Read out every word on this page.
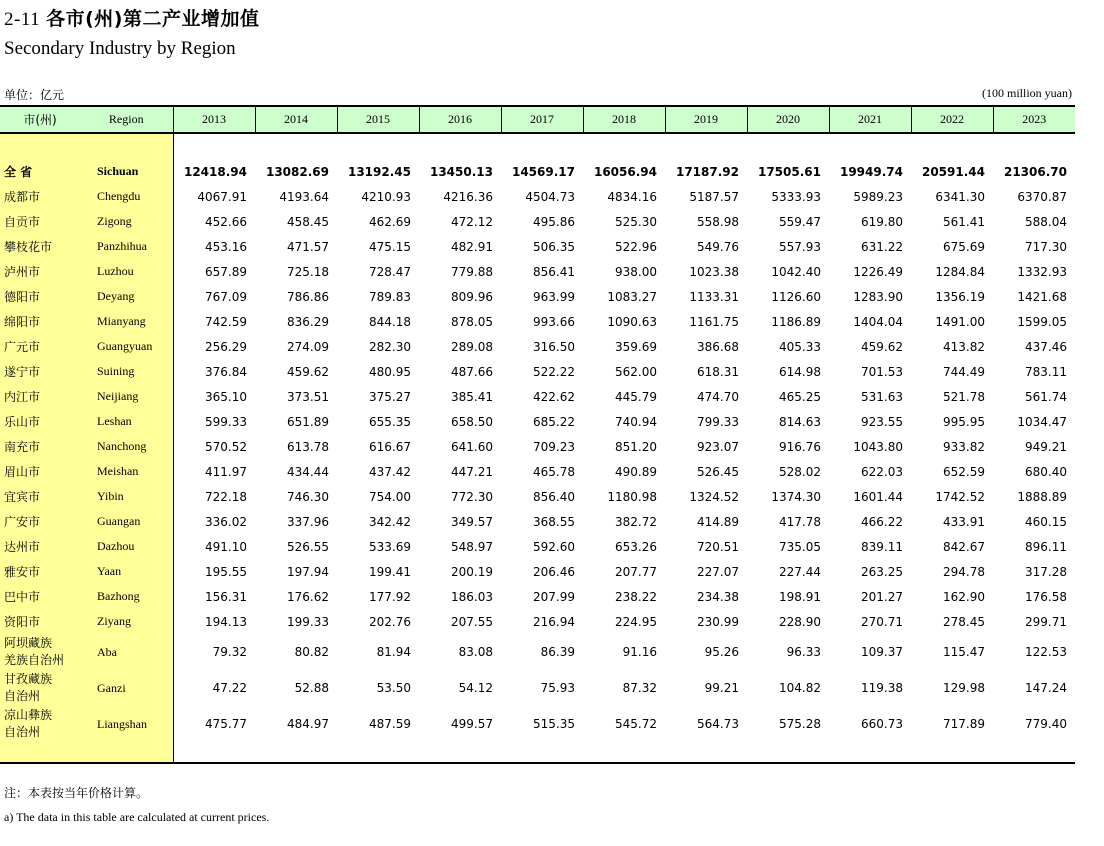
2-11 各市(州)第二产业增加值
Secondary Industry by Region
单位：亿元	(100 million yuan)
市(州)	Region	2013	2014	2015	2016	2017	2018	2019	2020	2021	2022	2023

全 省	Sichuan	12418.94	13082.69	13192.45	13450.13	14569.17	16056.94	17187.92	17505.61	19949.74	20591.44	21306.70
成都市	Chengdu	4067.91	4193.64	4210.93	4216.36	4504.73	4834.16	5187.57	5333.93	5989.23	6341.30	6370.87
自贡市	Zigong	452.66	458.45	462.69	472.12	495.86	525.30	558.98	559.47	619.80	561.41	588.04
攀枝花市	Panzhihua	453.16	471.57	475.15	482.91	506.35	522.96	549.76	557.93	631.22	675.69	717.30
泸州市	Luzhou	657.89	725.18	728.47	779.88	856.41	938.00	1023.38	1042.40	1226.49	1284.84	1332.93
德阳市	Deyang	767.09	786.86	789.83	809.96	963.99	1083.27	1133.31	1126.60	1283.90	1356.19	1421.68
绵阳市	Mianyang	742.59	836.29	844.18	878.05	993.66	1090.63	1161.75	1186.89	1404.04	1491.00	1599.05
广元市	Guangyuan	256.29	274.09	282.30	289.08	316.50	359.69	386.68	405.33	459.62	413.82	437.46
遂宁市	Suining	376.84	459.62	480.95	487.66	522.22	562.00	618.31	614.98	701.53	744.49	783.11
内江市	Neijiang	365.10	373.51	375.27	385.41	422.62	445.79	474.70	465.25	531.63	521.78	561.74
乐山市	Leshan	599.33	651.89	655.35	658.50	685.22	740.94	799.33	814.63	923.55	995.95	1034.47
南充市	Nanchong	570.52	613.78	616.67	641.60	709.23	851.20	923.07	916.76	1043.80	933.82	949.21
眉山市	Meishan	411.97	434.44	437.42	447.21	465.78	490.89	526.45	528.02	622.03	652.59	680.40
宜宾市	Yibin	722.18	746.30	754.00	772.30	856.40	1180.98	1324.52	1374.30	1601.44	1742.52	1888.89
广安市	Guangan	336.02	337.96	342.42	349.57	368.55	382.72	414.89	417.78	466.22	433.91	460.15
达州市	Dazhou	491.10	526.55	533.69	548.97	592.60	653.26	720.51	735.05	839.11	842.67	896.11
雅安市	Yaan	195.55	197.94	199.41	200.19	206.46	207.77	227.07	227.44	263.25	294.78	317.28
巴中市	Bazhong	156.31	176.62	177.92	186.03	207.99	238.22	234.38	198.91	201.27	162.90	176.58
资阳市	Ziyang	194.13	199.33	202.76	207.55	216.94	224.95	230.99	228.90	270.71	278.45	299.71
阿坝藏族
羌族自治州	Aba	79.32	80.82	81.94	83.08	86.39	91.16	95.26	96.33	109.37	115.47	122.53
甘孜藏族
自治州	Ganzi	47.22	52.88	53.50	54.12	75.93	87.32	99.21	104.82	119.38	129.98	147.24
凉山彝族
自治州	Liangshan	475.77	484.97	487.59	499.57	515.35	545.72	564.73	575.28	660.73	717.89	779.40

注：本表按当年价格计算。
a) The data in this table are calculated at current prices.
